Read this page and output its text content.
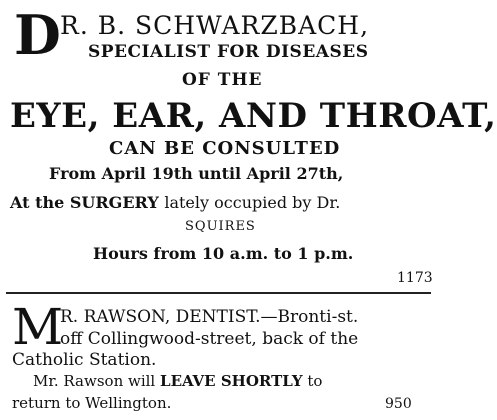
D R. B. SCHWARZBACH,
SPECIALIST FOR DISEASES
OF THE
EYE, EAR, AND THROAT,
CAN BE CONSULTED
From April 19th until April 27th,
At the SURGERY lately occupied by Dr.
SQUIRES
Hours from 10 a.m. to 1 p.m.
1173
M
R. RAWSON, DENTIST.—Bronti-st.
off Collingwood-street, back of the
Catholic Station.
Mr. Rawson will LEAVE SHORTLY to
return to Wellington.	950
